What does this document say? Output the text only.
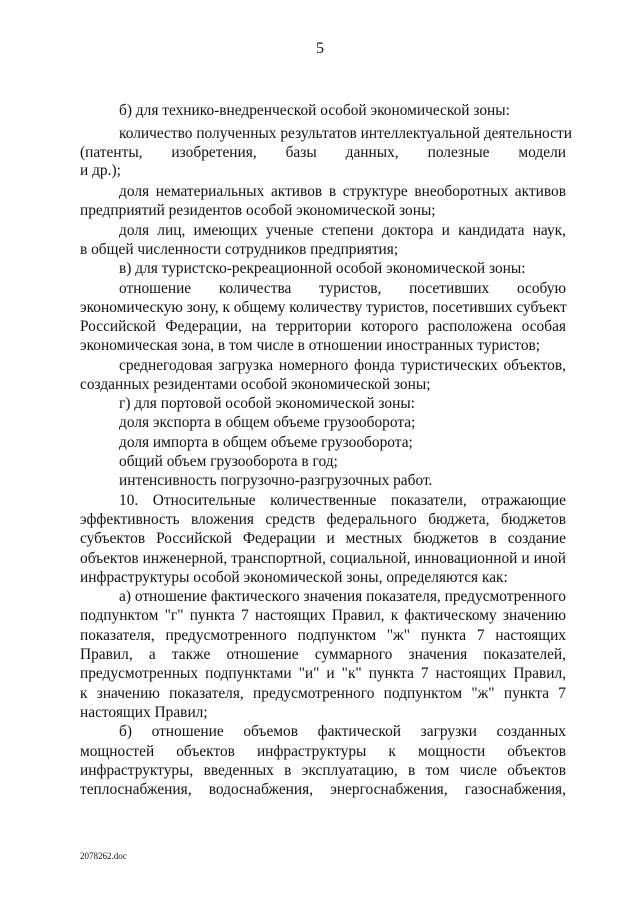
5
б) для технико-внедренческой особой экономической зоны:
количество полученных результатов интеллектуальной деятельности
(патенты, изобретения, базы данных, полезные модели
и др.);
доля нематериальных активов в структуре внеоборотных активов
предприятий резидентов особой экономической зоны;
доля лиц, имеющих ученые степени доктора и кандидата наук,
в общей численности сотрудников предприятия;
в) для туристско-рекреационной особой экономической зоны:
отношение количества туристов, посетивших особую
экономическую зону, к общему количеству туристов, посетивших субъект
Российской Федерации, на территории которого расположена особая
экономическая зона, в том числе в отношении иностранных туристов;
среднегодовая загрузка номерного фонда туристических объектов,
созданных резидентами особой экономической зоны;
г) для портовой особой экономической зоны:
доля экспорта в общем объеме грузооборота;
доля импорта в общем объеме грузооборота;
общий объем грузооборота в год;
интенсивность погрузочно-разгрузочных работ.
10. Относительные количественные показатели, отражающие
эффективность вложения средств федерального бюджета, бюджетов
субъектов Российской Федерации и местных бюджетов в создание
объектов инженерной, транспортной, социальной, инновационной и иной
инфраструктуры особой экономической зоны, определяются как:
а) отношение фактического значения показателя, предусмотренного
подпунктом "г" пункта 7 настоящих Правил, к фактическому значению
показателя, предусмотренного подпунктом "ж" пункта 7 настоящих
Правил, а также отношение суммарного значения показателей,
предусмотренных подпунктами "и" и "к" пункта 7 настоящих Правил,
к значению показателя, предусмотренного подпунктом "ж" пункта 7
настоящих Правил;
б) отношение объемов фактической загрузки созданных
мощностей объектов инфраструктуры к мощности объектов
инфраструктуры, введенных в эксплуатацию, в том числе объектов
теплоснабжения, водоснабжения, энергоснабжения, газоснабжения,
2078262.doc
